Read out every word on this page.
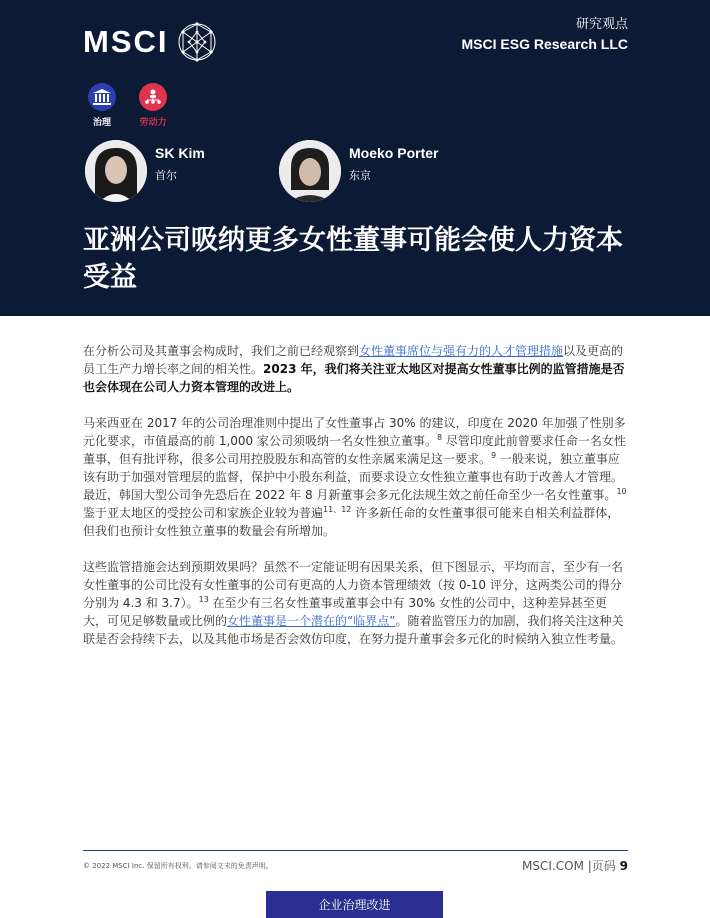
MSCI	研究观点
MSCI ESG Research LLC
治理	劳动力
SK Kim
首尔
Moeko Porter
东京
亚洲公司吸纳更多女性董事可能会使人力资本受益

在分析公司及其董事会构成时，我们之前已经观察到女性董事席位与强有力的人才管理措施以及更高的员工生产力增长率之间的相关性。2023 年，我们将关注亚太地区对提高女性董事比例的监管措施是否也会体现在公司人力资本管理的改进上。

马来西亚在 2017 年的公司治理准则中提出了女性董事占 30% 的建议，印度在 2020 年加强了性别多元化要求，市值最高的前 1,000 家公司须吸纳一名女性独立董事。$^8$ 尽管印度此前曾要求任命一名女性董事，但有批评称，很多公司用控股股东和高管的女性亲属来满足这一要求。$^9$ 一般来说，独立董事应该有助于加强对管理层的监督，保护中小股东利益，而要求设立女性独立董事也有助于改善人才管理。最近，韩国大型公司争先恐后在 2022 年 8 月新董事会多元化法规生效之前任命至少一名女性董事。$^{10}$ 鉴于亚太地区的受控公司和家族企业较为普遍$^{11、12}$ 许多新任命的女性董事很可能来自相关利益群体，但我们也预计女性独立董事的数量会有所增加。

这些监管措施会达到预期效果吗？虽然不一定能证明有因果关系，但下图显示，平均而言，至少有一名女性董事的公司比没有女性董事的公司有更高的人力资本管理绩效（按 0-10 评分，这两类公司的得分分别为 4.3 和 3.7）。$^{13}$ 在至少有三名女性董事或董事会中有 30% 女性的公司中，这种差异甚至更大，可见足够数量或比例的女性董事是一个潜在的“临界点”。随着监管压力的加剧，我们将关注这种关联是否会持续下去，以及其他市场是否会效仿印度，在努力提升董事会多元化的时候纳入独立性考量。

© 2022 MSCI Inc. 保留所有权利。请参阅文末的免责声明。	MSCI.COM |页码 9
企业治理改进
